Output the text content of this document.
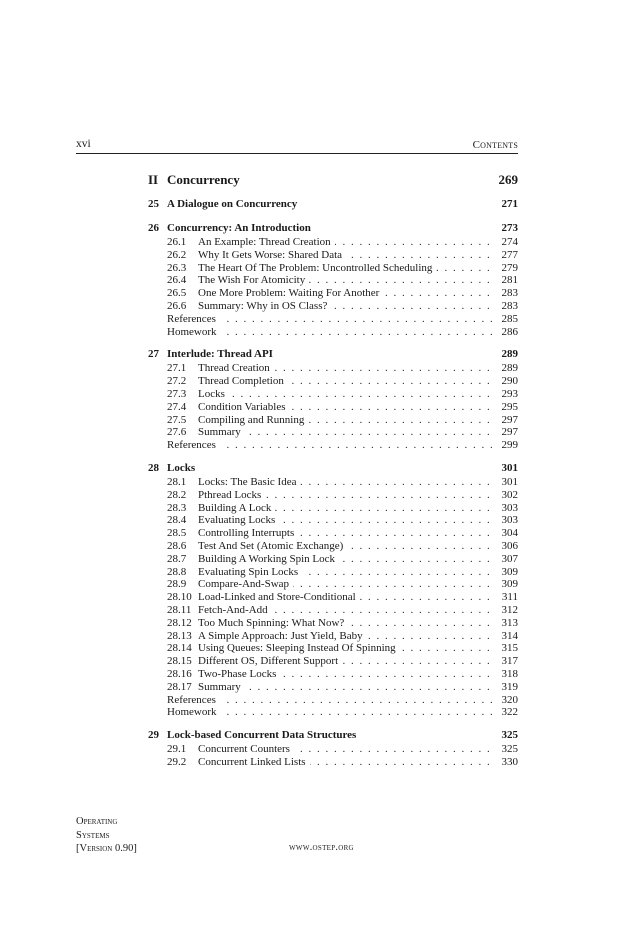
xvi	Contents
II Concurrency	269
25 A Dialogue on Concurrency	271
26 Concurrency: An Introduction	273
26.1 An Example: Thread Creation . . .	274
26.2 Why It Gets Worse: Shared Data . . .	277
26.3 The Heart Of The Problem: Uncontrolled Scheduling . . .	279
26.4 The Wish For Atomicity . . .	281
26.5 One More Problem: Waiting For Another . . .	283
26.6 Summary: Why in OS Class? . . .	283
References . . .	285
Homework . . .	286
27 Interlude: Thread API	289
27.1 Thread Creation . . .	289
27.2 Thread Completion . . .	290
27.3 Locks . . .	293
27.4 Condition Variables . . .	295
27.5 Compiling and Running . . .	297
27.6 Summary . . .	297
References . . .	299
28 Locks	301
28.1 Locks: The Basic Idea . . .	301
28.2 Pthread Locks . . .	302
28.3 Building A Lock . . .	303
28.4 Evaluating Locks . . .	303
28.5 Controlling Interrupts . . .	304
28.6 Test And Set (Atomic Exchange) . . .	306
28.7 Building A Working Spin Lock . . .	307
28.8 Evaluating Spin Locks . . .	309
28.9 Compare-And-Swap . . .	309
28.10 Load-Linked and Store-Conditional . . .	311
28.11 Fetch-And-Add . . .	312
28.12 Too Much Spinning: What Now? . . .	313
28.13 A Simple Approach: Just Yield, Baby . . .	314
28.14 Using Queues: Sleeping Instead Of Spinning . . .	315
28.15 Different OS, Different Support . . .	317
28.16 Two-Phase Locks . . .	318
28.17 Summary . . .	319
References . . .	320
Homework . . .	322
29 Lock-based Concurrent Data Structures	325
29.1 Concurrent Counters . . .	325
29.2 Concurrent Linked Lists . . .	330
Operating
Systems
[Version 0.90]	www.ostep.org
